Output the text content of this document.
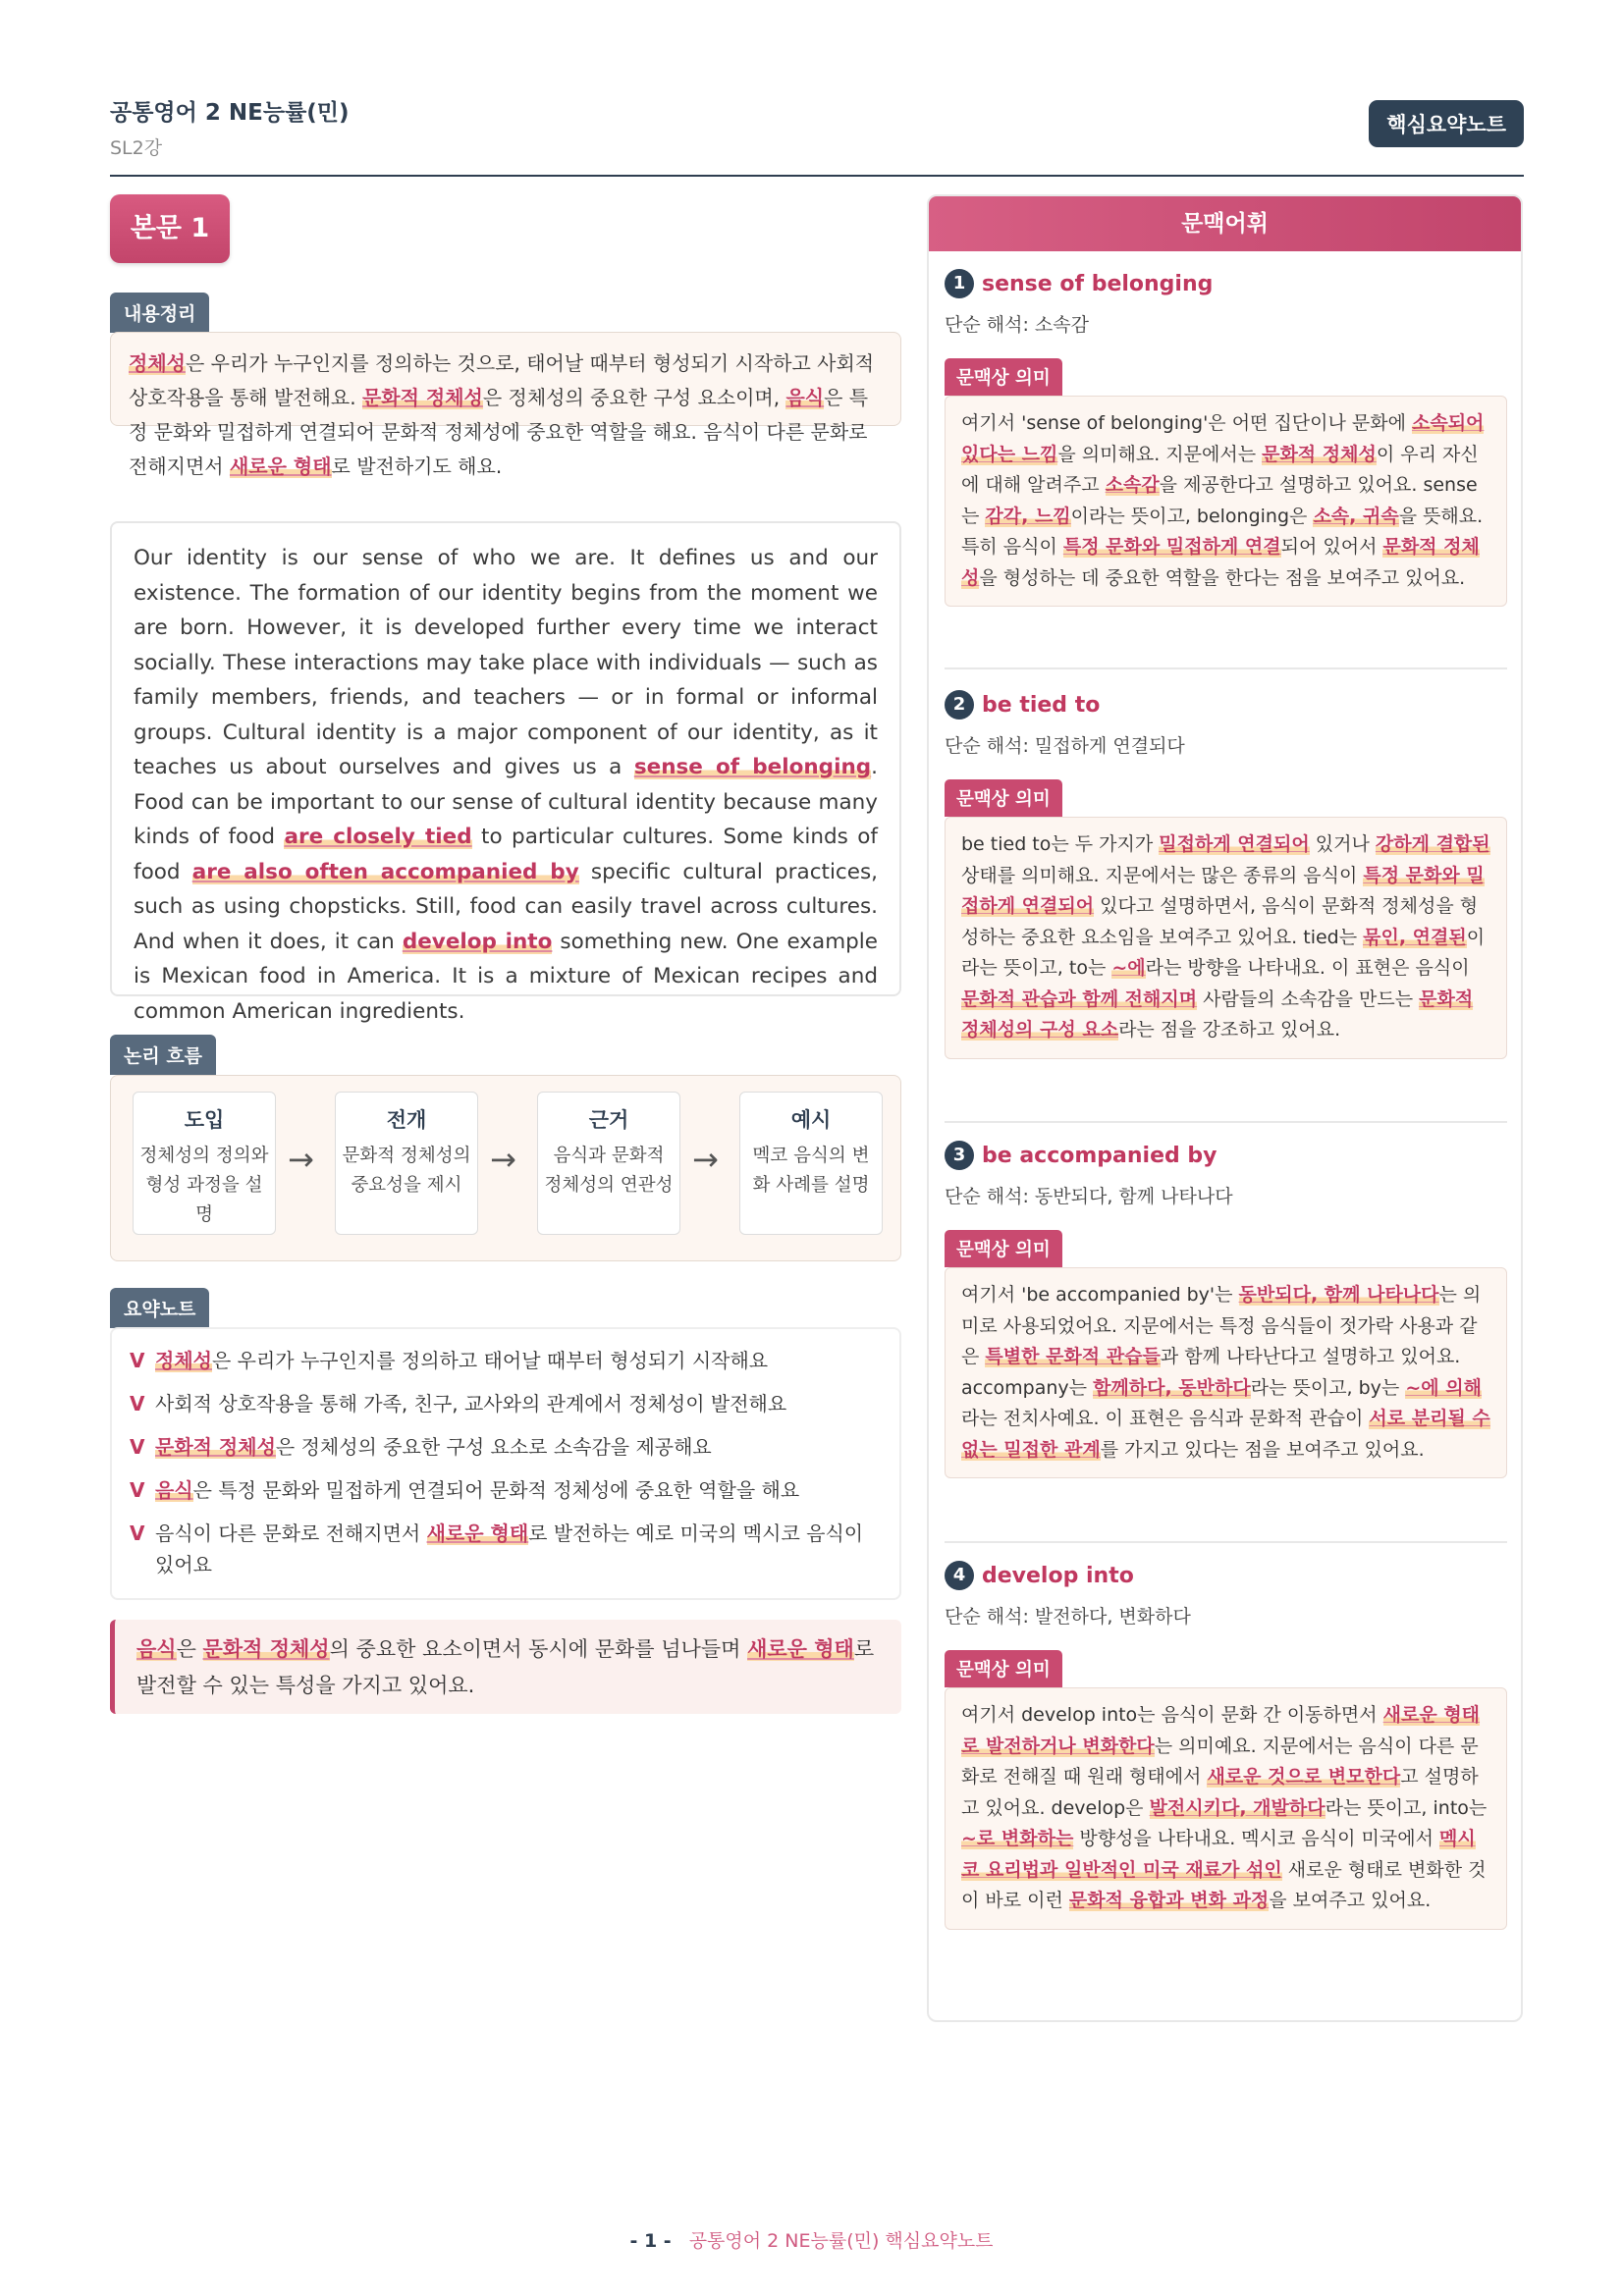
공통영어 2 NE능률(민)
SL2강
핵심요약노트
본문 1
내용정리
정체성은 우리가 누구인지를 정의하는 것으로, 태어날 때부터 형성되기 시작하고 사회적 상호작용을 통해 발전해요. 문화적 정체성은 정체성의 중요한 구성 요소이며, 음식은 특정 문화와 밀접하게 연결되어 문화적 정체성에 중요한 역할을 해요. 음식이 다른 문화로 전해지면서 새로운 형태로 발전하기도 해요.
Our identity is our sense of who we are. It defines us and our existence. The formation of our identity begins from the moment we are born. However, it is developed further every time we interact socially. These interactions may take place with individuals — such as family members, friends, and teachers — or in formal or informal groups. Cultural identity is a major component of our identity, as it teaches us about ourselves and gives us a sense of belonging. Food can be important to our sense of cultural identity because many kinds of food are closely tied to particular cultures. Some kinds of food are also often accompanied by specific cultural practices, such as using chopsticks. Still, food can easily travel across cultures. And when it does, it can develop into something new. One example is Mexican food in America. It is a mixture of Mexican recipes and common American ingredients.
논리 흐름
도입
정체성의 정의와 형성 과정을 설명
→
전개
문화적 정체성의 중요성을 제시
→
근거
음식과 문화적 정체성의 연관성
→
예시
멕코 음식의 변화 사례를 설명
요약노트
V 정체성은 우리가 누구인지를 정의하고 태어날 때부터 형성되기 시작해요
V 사회적 상호작용을 통해 가족, 친구, 교사와의 관계에서 정체성이 발전해요
V 문화적 정체성은 정체성의 중요한 구성 요소로 소속감을 제공해요
V 음식은 특정 문화와 밀접하게 연결되어 문화적 정체성에 중요한 역할을 해요
V 음식이 다른 문화로 전해지면서 새로운 형태로 발전하는 예로 미국의 멕시코 음식이 있어요
음식은 문화적 정체성의 중요한 요소이면서 동시에 문화를 넘나들며 새로운 형태로 발전할 수 있는 특성을 가지고 있어요.
문맥어휘
1 sense of belonging
단순 해석: 소속감
문맥상 의미
여기서 'sense of belonging'은 어떤 집단이나 문화에 소속되어 있다는 느낌을 의미해요. 지문에서는 문화적 정체성이 우리 자신에 대해 알려주고 소속감을 제공한다고 설명하고 있어요. sense는 감각, 느낌이라는 뜻이고, belonging은 소속, 귀속을 뜻해요. 특히 음식이 특정 문화와 밀접하게 연결되어 있어서 문화적 정체성을 형성하는 데 중요한 역할을 한다는 점을 보여주고 있어요.
2 be tied to
단순 해석: 밀접하게 연결되다
문맥상 의미
be tied to는 두 가지가 밀접하게 연결되어 있거나 강하게 결합된 상태를 의미해요. 지문에서는 많은 종류의 음식이 특정 문화와 밀접하게 연결되어 있다고 설명하면서, 음식이 문화적 정체성을 형성하는 중요한 요소임을 보여주고 있어요. tied는 묶인, 연결된이라는 뜻이고, to는 ~에라는 방향을 나타내요. 이 표현은 음식이 문화적 관습과 함께 전해지며 사람들의 소속감을 만드는 문화적 정체성의 구성 요소라는 점을 강조하고 있어요.
3 be accompanied by
단순 해석: 동반되다, 함께 나타나다
문맥상 의미
여기서 'be accompanied by'는 동반되다, 함께 나타나다는 의미로 사용되었어요. 지문에서는 특정 음식들이 젓가락 사용과 같은 특별한 문화적 관습들과 함께 나타난다고 설명하고 있어요. accompany는 함께하다, 동반하다라는 뜻이고, by는 ~에 의해라는 전치사예요. 이 표현은 음식과 문화적 관습이 서로 분리될 수 없는 밀접한 관계를 가지고 있다는 점을 보여주고 있어요.
4 develop into
단순 해석: 발전하다, 변화하다
문맥상 의미
여기서 develop into는 음식이 문화 간 이동하면서 새로운 형태로 발전하거나 변화한다는 의미예요. 지문에서는 음식이 다른 문화로 전해질 때 원래 형태에서 새로운 것으로 변모한다고 설명하고 있어요. develop은 발전시키다, 개발하다라는 뜻이고, into는 ~로 변화하는 방향성을 나타내요. 멕시코 음식이 미국에서 멕시코 요리법과 일반적인 미국 재료가 섞인 새로운 형태로 변화한 것이 바로 이런 문화적 융합과 변화 과정을 보여주고 있어요.
- 1 - 공통영어 2 NE능률(민) 핵심요약노트
